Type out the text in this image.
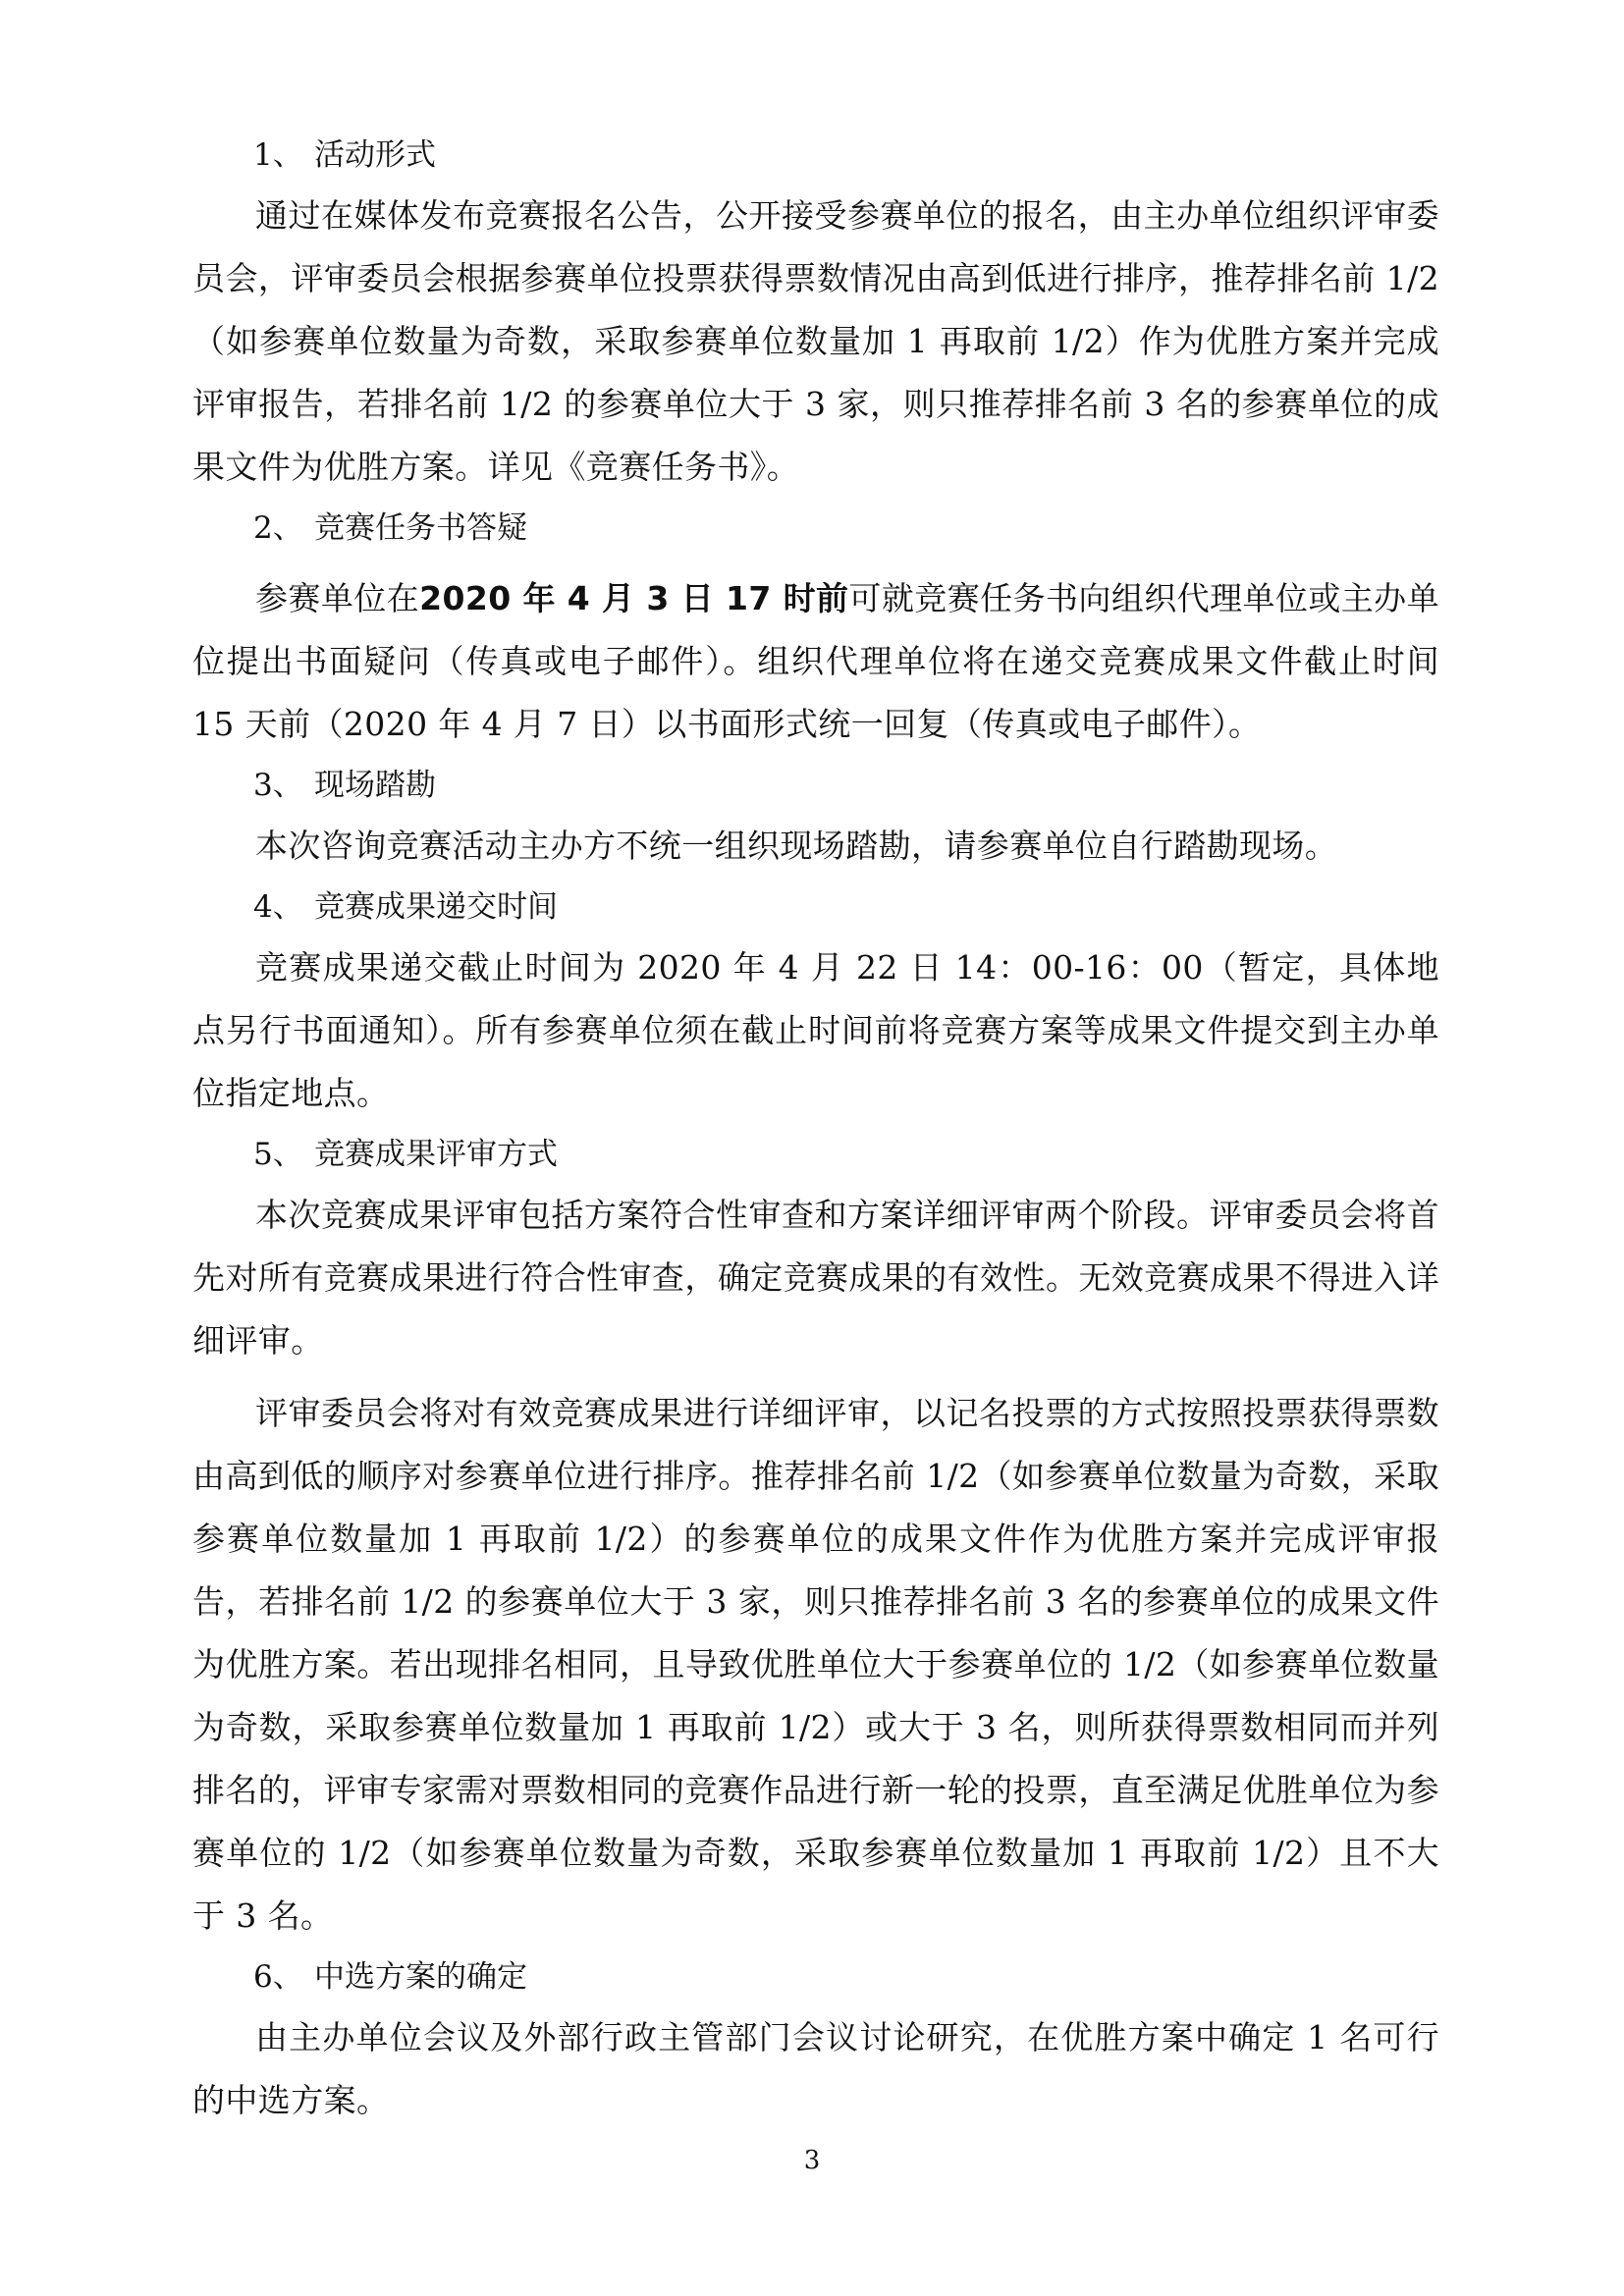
1、 活动形式

通过在媒体发布竞赛报名公告，公开接受参赛单位的报名，由主办单位组织评审委员会，评审委员会根据参赛单位投票获得票数情况由高到低进行排序，推荐排名前 1/2（如参赛单位数量为奇数，采取参赛单位数量加 1 再取前 1/2）作为优胜方案并完成评审报告，若排名前 1/2 的参赛单位大于 3 家，则只推荐排名前 3 名的参赛单位的成果文件为优胜方案。详见《竞赛任务书》。

2、 竞赛任务书答疑

参赛单位在2020 年 4 月 3 日 17 时前可就竞赛任务书向组织代理单位或主办单位提出书面疑问（传真或电子邮件）。组织代理单位将在递交竞赛成果文件截止时间 15 天前（2020 年 4 月 7 日）以书面形式统一回复（传真或电子邮件）。

3、 现场踏勘

本次咨询竞赛活动主办方不统一组织现场踏勘，请参赛单位自行踏勘现场。

4、 竞赛成果递交时间

竞赛成果递交截止时间为 2020 年 4 月 22 日 14：00-16：00（暂定，具体地点另行书面通知）。所有参赛单位须在截止时间前将竞赛方案等成果文件提交到主办单位指定地点。

5、 竞赛成果评审方式

本次竞赛成果评审包括方案符合性审查和方案详细评审两个阶段。评审委员会将首先对所有竞赛成果进行符合性审查，确定竞赛成果的有效性。无效竞赛成果不得进入详细评审。

评审委员会将对有效竞赛成果进行详细评审，以记名投票的方式按照投票获得票数由高到低的顺序对参赛单位进行排序。推荐排名前 1/2（如参赛单位数量为奇数，采取参赛单位数量加 1 再取前 1/2）的参赛单位的成果文件作为优胜方案并完成评审报告，若排名前 1/2 的参赛单位大于 3 家，则只推荐排名前 3 名的参赛单位的成果文件为优胜方案。若出现排名相同，且导致优胜单位大于参赛单位的 1/2（如参赛单位数量为奇数，采取参赛单位数量加 1 再取前 1/2）或大于 3 名，则所获得票数相同而并列排名的，评审专家需对票数相同的竞赛作品进行新一轮的投票，直至满足优胜单位为参赛单位的 1/2（如参赛单位数量为奇数，采取参赛单位数量加 1 再取前 1/2）且不大于 3 名。

6、 中选方案的确定

由主办单位会议及外部行政主管部门会议讨论研究，在优胜方案中确定 1 名可行的中选方案。

3
